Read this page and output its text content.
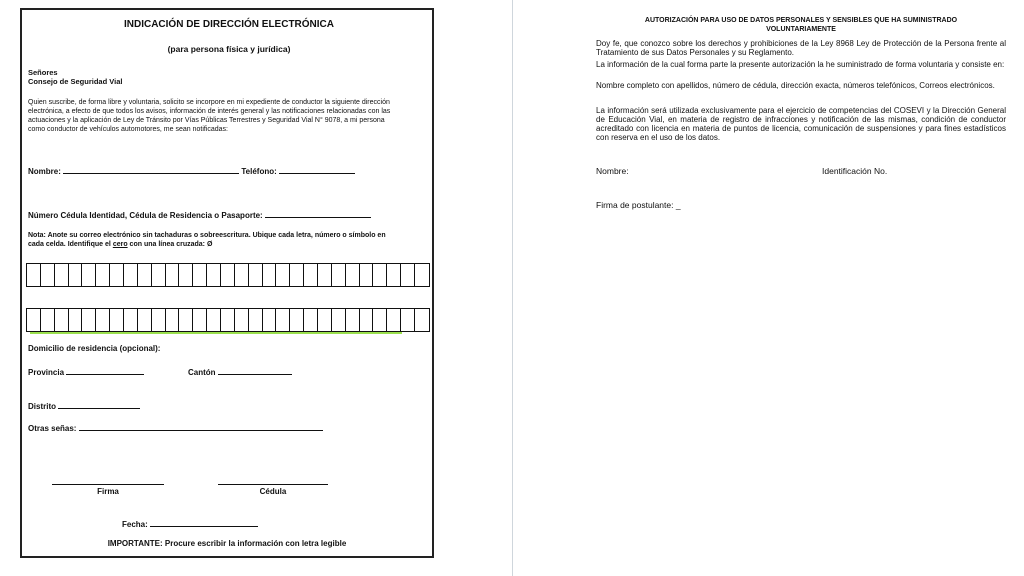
INDICACIÓN DE DIRECCIÓN ELECTRÓNICA
(para persona física y jurídica)
Señores
Consejo de Seguridad Vial
Quien suscribe, de forma libre y voluntaria, solicito se incorpore en mi expediente de conductor la siguiente dirección
electrónica, a efecto de que todos los avisos, información de interés general y las notificaciones relacionadas con las
actuaciones y la aplicación de Ley de Tránsito por Vías Públicas Terrestres y Seguridad Vial N° 9078, a mi persona
como conductor de vehículos automotores, me sean notificadas:
Nombre:	Teléfono:
Número Cédula Identidad, Cédula de Residencia o Pasaporte:
Nota: Anote su correo electrónico sin tachaduras o sobreescritura. Ubique cada letra, número o símbolo en
cada celda. Identifique el cero con una línea cruzada: Ø
Domicilio de residencia (opcional):
Provincia	Cantón
Distrito
Otras señas:
Firma	Cédula
Fecha:
IMPORTANTE: Procure escribir la información con letra legible
AUTORIZACIÓN PARA USO DE DATOS PERSONALES Y SENSIBLES QUE HA SUMINISTRADO
VOLUNTARIAMENTE
Doy fe, que conozco sobre los derechos y prohibiciones de la Ley 8968 Ley de Protección de la Persona frente al Tratamiento de sus Datos Personales y su Reglamento.
La información de la cual forma parte la presente autorización la he suministrado de forma voluntaria y consiste en:
Nombre completo con apellidos, número de cédula, dirección exacta, números telefónicos, Correos electrónicos.
La información será utilizada exclusivamente para el ejercicio de competencias del COSEVI y la Dirección General de Educación Vial, en materia de registro de infracciones y notificación de las mismas, condición de conductor acreditado con licencia en materia de puntos de licencia, comunicación de suspensiones y para fines estadísticos con reserva en el uso de los datos.
Nombre:	Identificación No.
Firma de postulante: _
